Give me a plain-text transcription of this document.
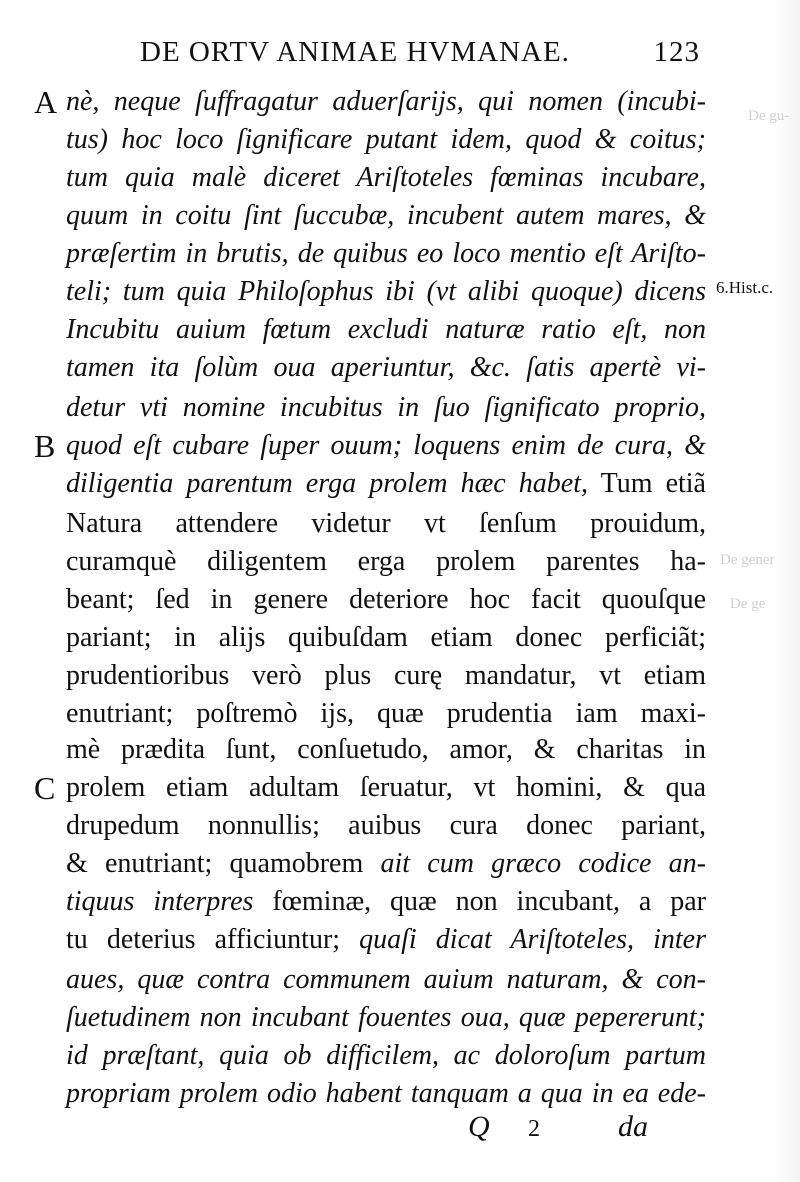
DE ORTV ANIMAE HVMANAE.	123
A
B
C
6.Hist.c.
De gu-
De gener
De ge
nè, neque ſuffragatur aduerſarijs, qui nomen (incubi-
tus) hoc loco ſignificare putant idem, quod & coitus;
tum quia malè diceret Ariſtoteles fœminas incubare,
quum in coitu ſint ſuccubæ, incubent autem mares, &
præſertim in brutis, de quibus eo loco mentio eſt Ariſto-
teli; tum quia Philoſophus ibi (vt alibi quoque) dicens
Incubitu auium fœtum excludi naturæ ratio eſt, non
tamen ita ſolùm oua aperiuntur, &c. ſatis apertè vi-
detur vti nomine incubitus in ſuo ſignificato proprio,
quod eſt cubare ſuper ouum; loquens enim de cura, &
diligentia parentum erga prolem hæc habet, Tum etiã
Natura attendere videtur vt ſenſum prouidum,
curamquè diligentem erga prolem parentes ha-
beant; ſed in genere deteriore hoc facit quouſque
pariant; in alijs quibuſdam etiam donec perficiãt;
prudentioribus verò plus curę mandatur, vt etiam
enutriant; poſtremò ijs, quæ prudentia iam maxi-
mè prædita ſunt, conſuetudo, amor, & charitas in
prolem etiam adultam ſeruatur, vt homini, & qua
drupedum nonnullis; auibus cura donec pariant,
& enutriant; quamobrem ait cum græco codice an-
tiquus interpres fœminæ, quæ non incubant, a par
tu deterius afficiuntur; quaſi dicat Ariſtoteles, inter
aues, quæ contra communem auium naturam, & con-
ſuetudinem non incubant fouentes oua, quæ pepererunt;
id præſtant, quia ob difficilem, ac doloroſum partum
propriam prolem odio habent tanquam a qua in ea ede-
Q 2	da
